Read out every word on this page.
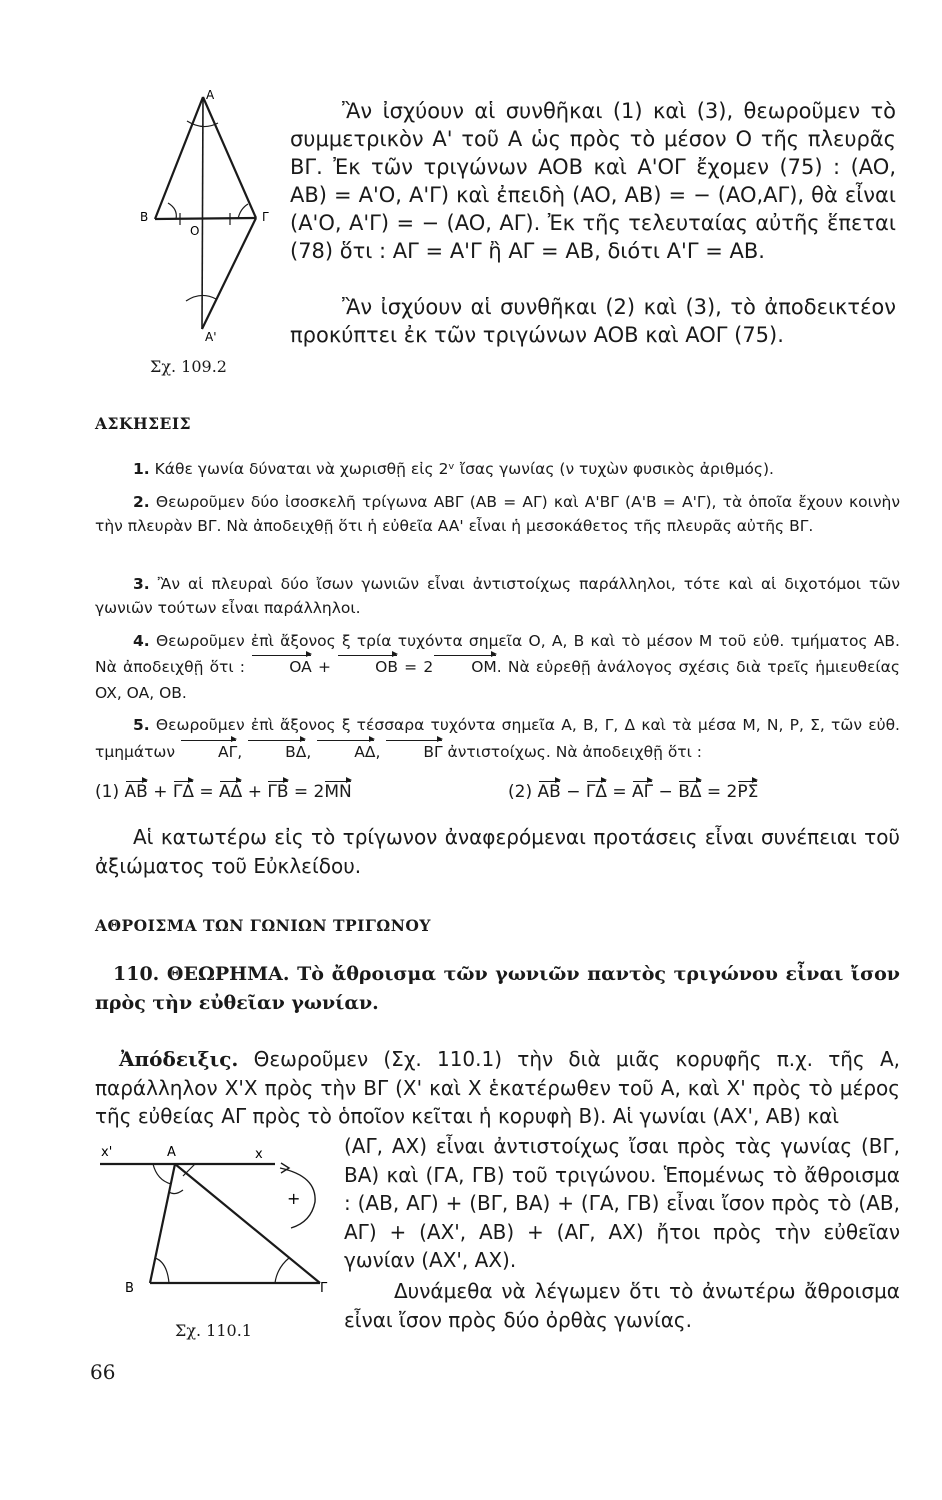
A
B
O
Γ
A'
Σχ. 109.2
Ἂν ἰσχύουν αἱ συνθῆκαι (1) καὶ (3), θεωροῦμεν τὸ συμμετρικὸν A' τοῦ A ὡς πρὸς τὸ μέσον O τῆς πλευρᾶς BΓ. Ἐκ τῶν τριγώνων AOB καὶ A'OΓ ἔχομεν (75) : (AO, AB) = A'O, A'Γ) καὶ ἐπειδὴ (AO, AB) = − (AO,AΓ), θὰ εἶναι (A'O, A'Γ) = − (AO, AΓ). Ἐκ τῆς τελευταίας αὐτῆς ἕπεται (78) ὅτι : AΓ = A'Γ ἢ AΓ = AB, διότι A'Γ = AB.
Ἂν ἰσχύουν αἱ συνθῆκαι (2) καὶ (3), τὸ ἀποδεικτέον προκύπτει ἐκ τῶν τριγώνων AOB καὶ AOΓ (75).
ΑΣΚΗΣΕΙΣ
1. Κάθε γωνία δύναται νὰ χωρισθῇ εἰς 2ᵛ ἴσας γωνίας (ν τυχὼν φυσικὸς ἀριθμός).
2. Θεωροῦμεν δύο ἰσοσκελῆ τρίγωνα ABΓ (AB = AΓ) καὶ A'BΓ (A'B = A'Γ), τὰ ὁποῖα ἔχουν κοινὴν τὴν πλευρὰν BΓ. Νὰ ἀποδειχθῇ ὅτι ἡ εὐθεῖα AA' εἶναι ἡ μεσοκάθετος τῆς πλευρᾶς αὐτῆς BΓ.
3. Ἂν αἱ πλευραὶ δύο ἴσων γωνιῶν εἶναι ἀντιστοίχως παράλληλοι, τότε καὶ αἱ διχοτόμοι τῶν γωνιῶν τούτων εἶναι παράλληλοι.
4. Θεωροῦμεν ἐπὶ ἄξονος ξ τρία τυχόντα σημεῖα O, A, B καὶ τὸ μέσον M τοῦ εὐθ. τμήματος AB. Νὰ ἀποδειχθῇ ὅτι :	OA +	OB = 2 OM. Νὰ εὑρεθῇ ἀνάλογος σχέσις διὰ τρεῖς ἡμιευθείας OX, OA, OB.
5. Θεωροῦμεν ἐπὶ ἄξονος ξ τέσσαρα τυχόντα σημεῖα A, B, Γ, Δ καὶ τὰ μέσα M, N, P, Σ, τῶν εὐθ. τμημάτων	AΓ, BΔ, AΔ, BΓ ἀντιστοίχως. Νὰ ἀποδειχθῇ ὅτι :
(1) AB + ΓΔ = AΔ + ΓB = 2MN	(2) AB − ΓΔ = AΓ − BΔ = 2PΣ
Αἱ κατωτέρω εἰς τὸ τρίγωνον ἀναφερόμεναι προτάσεις εἶναι συνέπειαι τοῦ ἀξιώματος τοῦ Εὐκλείδου.
ΑΘΡΟΙΣΜΑ ΤΩΝ ΓΩΝΙΩΝ ΤΡΙΓΩΝΟΥ
110. ΘΕΩΡΗΜΑ. Τὸ ἄθροισμα τῶν γωνιῶν παντὸς τριγώνου εἶναι ἴσον πρὸς τὴν εὐθεῖαν γωνίαν.
Ἀπόδειξις. Θεωροῦμεν (Σχ. 110.1) τὴν διὰ μιᾶς κορυφῆς π.χ. τῆς A, παράλληλον X'X πρὸς τὴν BΓ (X' καὶ X ἑκατέρωθεν τοῦ A, καὶ X' πρὸς τὸ μέρος τῆς εὐθείας AΓ πρὸς τὸ ὁποῖον κεῖται ἡ κορυφὴ B). Αἱ γωνίαι (AX', AB) καὶ
(AΓ, AX) εἶναι ἀντιστοίχως ἴσαι πρὸς τὰς γωνίας (BΓ, BA) καὶ (ΓA, ΓB) τοῦ τριγώνου. Ἑπομένως τὸ ἄθροισμα : (AB, AΓ) + (BΓ, BA) + (ΓA, ΓB) εἶναι ἴσον πρὸς τὸ (AB, AΓ) + (AX', AB) + (AΓ, AX) ἤτοι πρὸς τὴν εὐθεῖαν γωνίαν (AX', AX).
Δυνάμεθα νὰ λέγωμεν ὅτι τὸ ἀνωτέρω ἄθροισμα εἶναι ἴσον πρὸς δύο ὀρθὰς γωνίας.
x'	A	x
B	Γ
+
Σχ. 110.1
66
